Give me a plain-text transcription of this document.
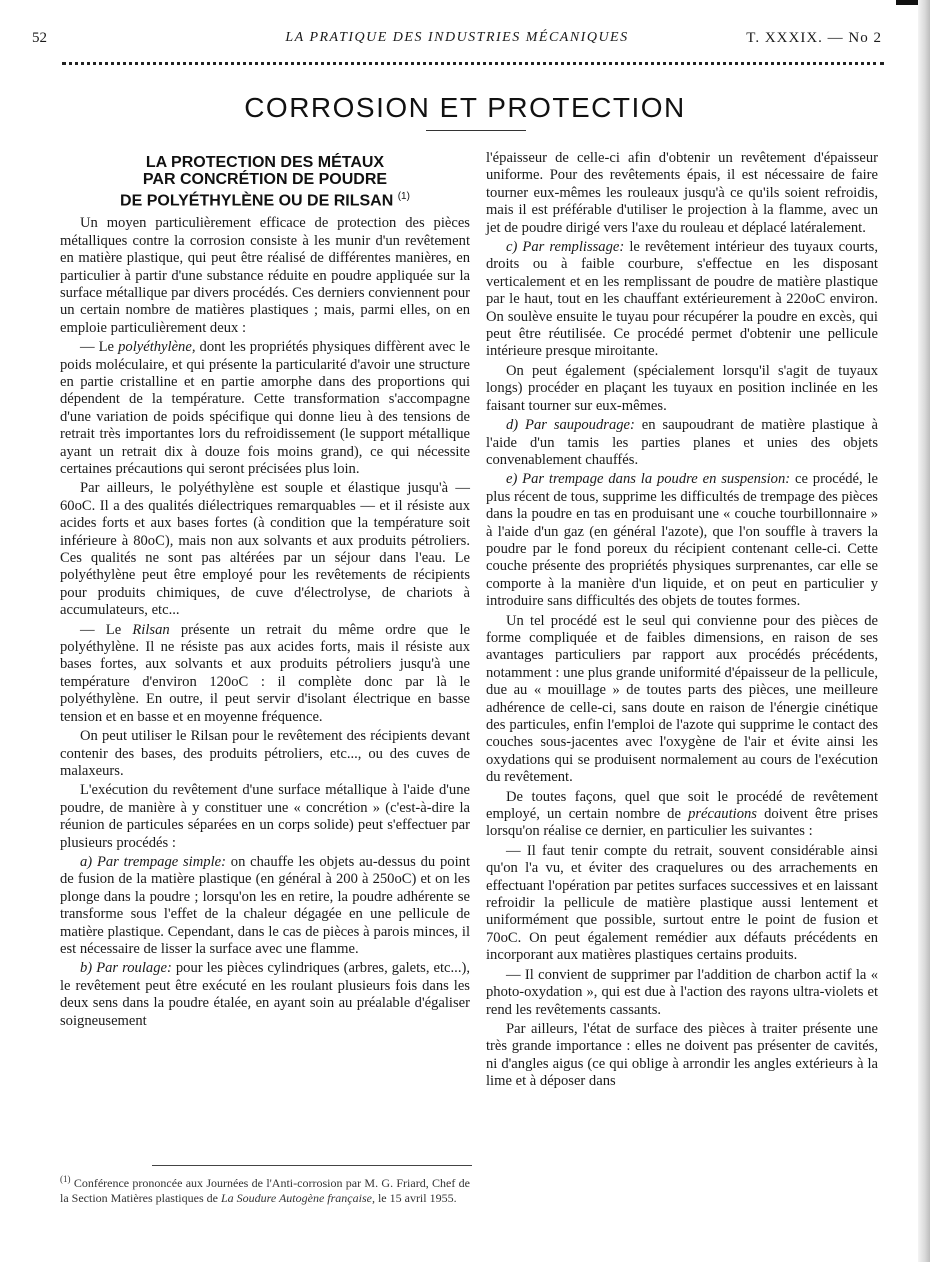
52	LA PRATIQUE DES INDUSTRIES MÉCANIQUES	T. XXXIX. — No 2
CORROSION ET PROTECTION
LA PROTECTION DES MÉTAUX
PAR CONCRÉTION DE POUDRE
DE POLYÉTHYLÈNE OU DE RILSAN $^{(1)}$

Un moyen particulièrement efficace de protection des pièces métalliques contre la corrosion consiste à les munir d'un revêtement en matière plastique, qui peut être réalisé de différentes manières, en particulier à partir d'une substance réduite en poudre appliquée sur la surface métallique par divers procédés. Ces derniers conviennent pour un certain nombre de matières plastiques ; mais, parmi elles, on en emploie particulièrement deux :

— Le polyéthylène, dont les propriétés physiques diffèrent avec le poids moléculaire, et qui présente la particularité d'avoir une structure en partie cristalline et en partie amorphe dans des proportions qui dépendent de la température. Cette transformation s'accompagne d'une variation de poids spécifique qui donne lieu à des tensions de retrait très importantes lors du refroidissement (le support métallique ayant un retrait dix à douze fois moins grand), ce qui nécessite certaines précautions qui seront précisées plus loin.

Par ailleurs, le polyéthylène est souple et élastique jusqu'à — 60oC. Il a des qualités diélectriques remarquables — et il résiste aux acides forts et aux bases fortes (à condition que la température soit inférieure à 80oC), mais non aux solvants et aux produits pétroliers. Ces qualités ne sont pas altérées par un séjour dans l'eau. Le polyéthylène peut être employé pour les revêtements de récipients pour produits chimiques, de cuve d'électrolyse, de chariots à accumulateurs, etc...

— Le Rilsan présente un retrait du même ordre que le polyéthylène. Il ne résiste pas aux acides forts, mais il résiste aux bases fortes, aux solvants et aux produits pétroliers jusqu'à une température d'environ 120oC : il complète donc par là le polyéthylène. En outre, il peut servir d'isolant électrique en basse tension et en basse et en moyenne fréquence.

On peut utiliser le Rilsan pour le revêtement des récipients devant contenir des bases, des produits pétroliers, etc..., ou des cuves de malaxeurs.

L'exécution du revêtement d'une surface métallique à l'aide d'une poudre, de manière à y constituer une « concrétion » (c'est-à-dire la réunion de particules séparées en un corps solide) peut s'effectuer par plusieurs procédés :

a) Par trempage simple: on chauffe les objets au-dessus du point de fusion de la matière plastique (en général à 200 à 250oC) et on les plonge dans la poudre ; lorsqu'on les en retire, la poudre adhérente se transforme sous l'effet de la chaleur dégagée en une pellicule de matière plastique. Cependant, dans le cas de pièces à parois minces, il est nécessaire de lisser la surface avec une flamme.

b) Par roulage: pour les pièces cylindriques (arbres, galets, etc...), le revêtement peut être exécuté en les roulant plusieurs fois dans les deux sens dans la poudre étalée, en ayant soin au préalable d'égaliser soigneusement

l'épaisseur de celle-ci afin d'obtenir un revêtement d'épaisseur uniforme. Pour des revêtements épais, il est nécessaire de faire tourner eux-mêmes les rouleaux jusqu'à ce qu'ils soient refroidis, mais il est préférable d'utiliser le projection à la flamme, avec un jet de poudre dirigé vers l'axe du rouleau et déplacé latéralement.

c) Par remplissage: le revêtement intérieur des tuyaux courts, droits ou à faible courbure, s'effectue en les disposant verticalement et en les remplissant de poudre de matière plastique par le haut, tout en les chauffant extérieurement à 220oC environ. On soulève ensuite le tuyau pour récupérer la poudre en excès, qui peut être réutilisée. Ce procédé permet d'obtenir une pellicule intérieure presque miroitante.

On peut également (spécialement lorsqu'il s'agit de tuyaux longs) procéder en plaçant les tuyaux en position inclinée en les faisant tourner sur eux-mêmes.

d) Par saupoudrage: en saupoudrant de matière plastique à l'aide d'un tamis les parties planes et unies des objets convenablement chauffés.

e) Par trempage dans la poudre en suspension: ce procédé, le plus récent de tous, supprime les difficultés de trempage des pièces dans la poudre en tas en produisant une « couche tourbillonnaire » à l'aide d'un gaz (en général l'azote), que l'on souffle à travers la poudre par le fond poreux du récipient contenant celle-ci. Cette couche présente des propriétés physiques surprenantes, car elle se comporte à la manière d'un liquide, et on peut en particulier y introduire sans difficultés des objets de toutes formes.

Un tel procédé est le seul qui convienne pour des pièces de forme compliquée et de faibles dimensions, en raison de ses avantages particuliers par rapport aux procédés précédents, notamment : une plus grande uniformité d'épaisseur de la pellicule, due au « mouillage » de toutes parts des pièces, une meilleure adhérence de celle-ci, sans doute en raison de l'énergie cinétique des particules, enfin l'emploi de l'azote qui supprime le contact des couches sous-jacentes avec l'oxygène de l'air et évite ainsi les oxydations qui se produisent normalement au cours de l'exécution du revêtement.

De toutes façons, quel que soit le procédé de revêtement employé, un certain nombre de précautions doivent être prises lorsqu'on réalise ce dernier, en particulier les suivantes :

— Il faut tenir compte du retrait, souvent considérable ainsi qu'on l'a vu, et éviter des craquelures ou des arrachements en effectuant l'opération par petites surfaces successives et en laissant refroidir la pellicule de matière plastique aussi lentement et uniformément que possible, surtout entre le point de fusion et 70oC. On peut également remédier aux défauts précédents en incorporant aux matières plastiques certains produits.

— Il convient de supprimer par l'addition de charbon actif la « photo-oxydation », qui est due à l'action des rayons ultra-violets et rend les revêtements cassants.

Par ailleurs, l'état de surface des pièces à traiter présente une très grande importance : elles ne doivent pas présenter de cavités, ni d'angles aigus (ce qui oblige à arrondir les angles extérieurs à la lime et à déposer dans

$^{(1)}$ Conférence prononcée aux Journées de l'Anti-corrosion par M. G. Friard, Chef de la Section Matières plastiques de La Soudure Autogène française, le 15 avril 1955.
